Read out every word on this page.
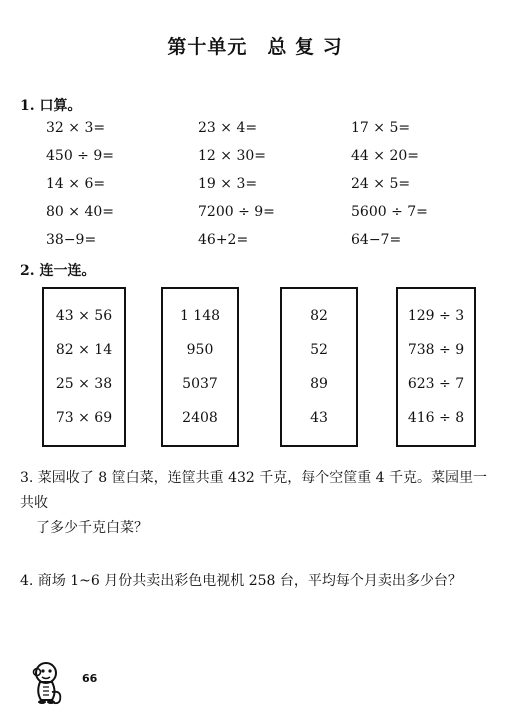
第十单元　总 复 习
1. 口算。
32 × 3=	23 × 4=	17 × 5=
450 ÷ 9=	12 × 30=	44 × 20=
14 × 6=	19 × 3=	24 × 5=
80 × 40=	7200 ÷ 9=	5600 ÷ 7=
38−9=	46+2=	64−7=
2. 连一连。
43 × 56
82 × 14
25 × 38
73 × 69
1 148
950
5037
2408
82
52
89
43
129 ÷ 3
738 ÷ 9
623 ÷ 7
416 ÷ 8
3. 菜园收了 8 筐白菜，连筐共重 432 千克，每个空筐重 4 千克。菜园里一共收
了多少千克白菜？
4. 商场 1~6 月份共卖出彩色电视机 258 台，平均每个月卖出多少台？
66
